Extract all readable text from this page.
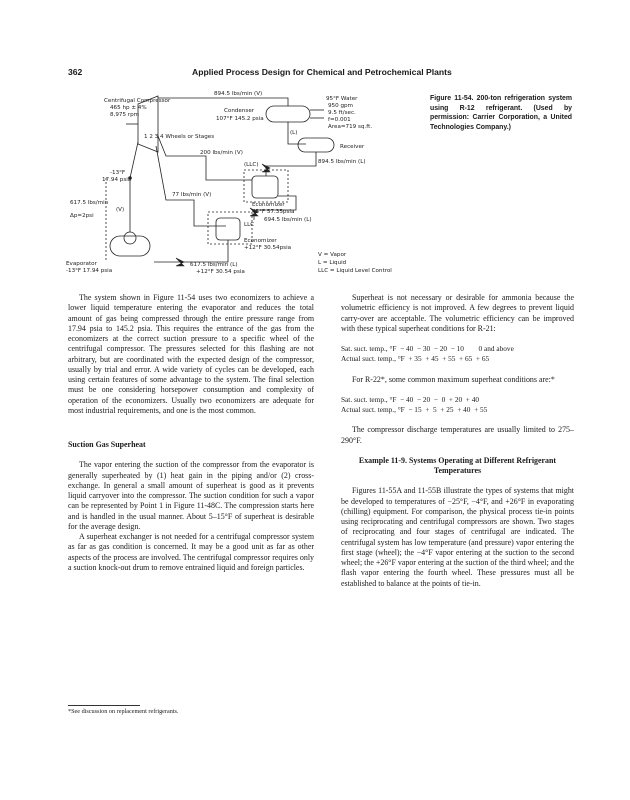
362	Applied Process Design for Chemical and Petrochemical Plants
Centrifugal Compressor
465 hp ± 4%
8,975 rpm
894.5 lbs/min (V)
95°F Water
950 gpm
9.5 ft/sec.
f=0.001
Area=719 sq.ft.
Condenser
107°F 145.2 psia
(L)
1 2 3 4 Wheels or Stages
200 lbs/min (V)
Receiver
894.5 lbs/min (L)
(LLC)
Economizer
45°F 57.35psia
77 lbs/min (V)
694.5 lbs/min (L)
-13°F
17.94 psia
617.5 lbs/min
(V)
Δp=2psi
LLC
Economizer
+12°F 30.54psia
Evaporator
-13°F 17.94 psia
617.5 lbs/min (L)
+12°F 30.54 psia
V = Vapor
L = Liquid
LLC = Liquid Level Control
Figure 11-54. 200-ton refrigeration system using R-12 refrigerant. (Used by permission: Carrier Corporation, a United Technologies Company.)

The system shown in Figure 11-54 uses two economizers to achieve a lower liquid temperature entering the evaporator and reduces the total amount of gas being compressed through the entire pressure range from 17.94 psia to 145.2 psia. This requires the entrance of the gas from the economizers at the correct suction pressure to a specific wheel of the centrifugal compressor. The pressures selected for this flashing are not arbitrary, but are coordinated with the expected design of the compressor, usually by trial and error. A wide variety of cycles can be developed, each using certain features of some advantage to the system. The final selection must be one considering horsepower consumption and complexity of operation of the economizers. Usually two economizers are adequate for most industrial requirements, and one is the most common.

Suction Gas Superheat

The vapor entering the suction of the compressor from the evaporator is generally superheated by (1) heat gain in the piping and/or (2) cross-exchange. In general a small amount of superheat is good as it prevents liquid carryover into the compressor. The suction condition for such a vapor can be represented by Point 1 in Figure 11-48C. The compression starts here and is handled in the usual manner. About 5–15°F of superheat is desirable for the average design.

A superheat exchanger is not needed for a centrifugal compressor system as far as gas condition is concerned. It may be a good unit as far as other aspects of the process are involved. The centrifugal compressor requires only a suction knock-out drum to remove entrained liquid and foreign particles.

Superheat is not necessary or desirable for ammonia because the volumetric efficiency is not improved. A few degrees to prevent liquid carry-over are acceptable. The volumetric efficiency can be improved with these typical superheat conditions for R-21:

Sat. suct. temp., °F  − 40  − 30  − 20  − 10        0 and above

Actual suct. temp., °F  + 35  + 45  + 55  + 65  + 65

For R-22*, some common maximum superheat conditions are:*

Sat. suct. temp., °F  − 40  − 20  −  0  + 20  + 40

Actual suct. temp., °F  − 15  +  5  + 25  + 40  + 55

The compressor discharge temperatures are usually limited to 275–290°F.

Example 11-9. Systems Operating at Different Refrigerant Temperatures

Figures 11-55A and 11-55B illustrate the types of systems that might be developed to temperatures of −25°F, −4°F, and +26°F in evaporating (chilling) equipment. For comparison, the physical process tie-in points using reciprocating and centrifugal compressors are shown. Two stages of reciprocating and four stages of centrifugal are indicated. The centrifugal system has low temperature (and pressure) vapor entering the first stage (wheel); the −4°F vapor entering at the suction to the second wheel; the +26°F vapor entering at the suction of the third wheel; and the flash vapor entering the fourth wheel. These pressures must all be established to balance at the points of tie-in.

*See discussion on replacement refrigerants.
